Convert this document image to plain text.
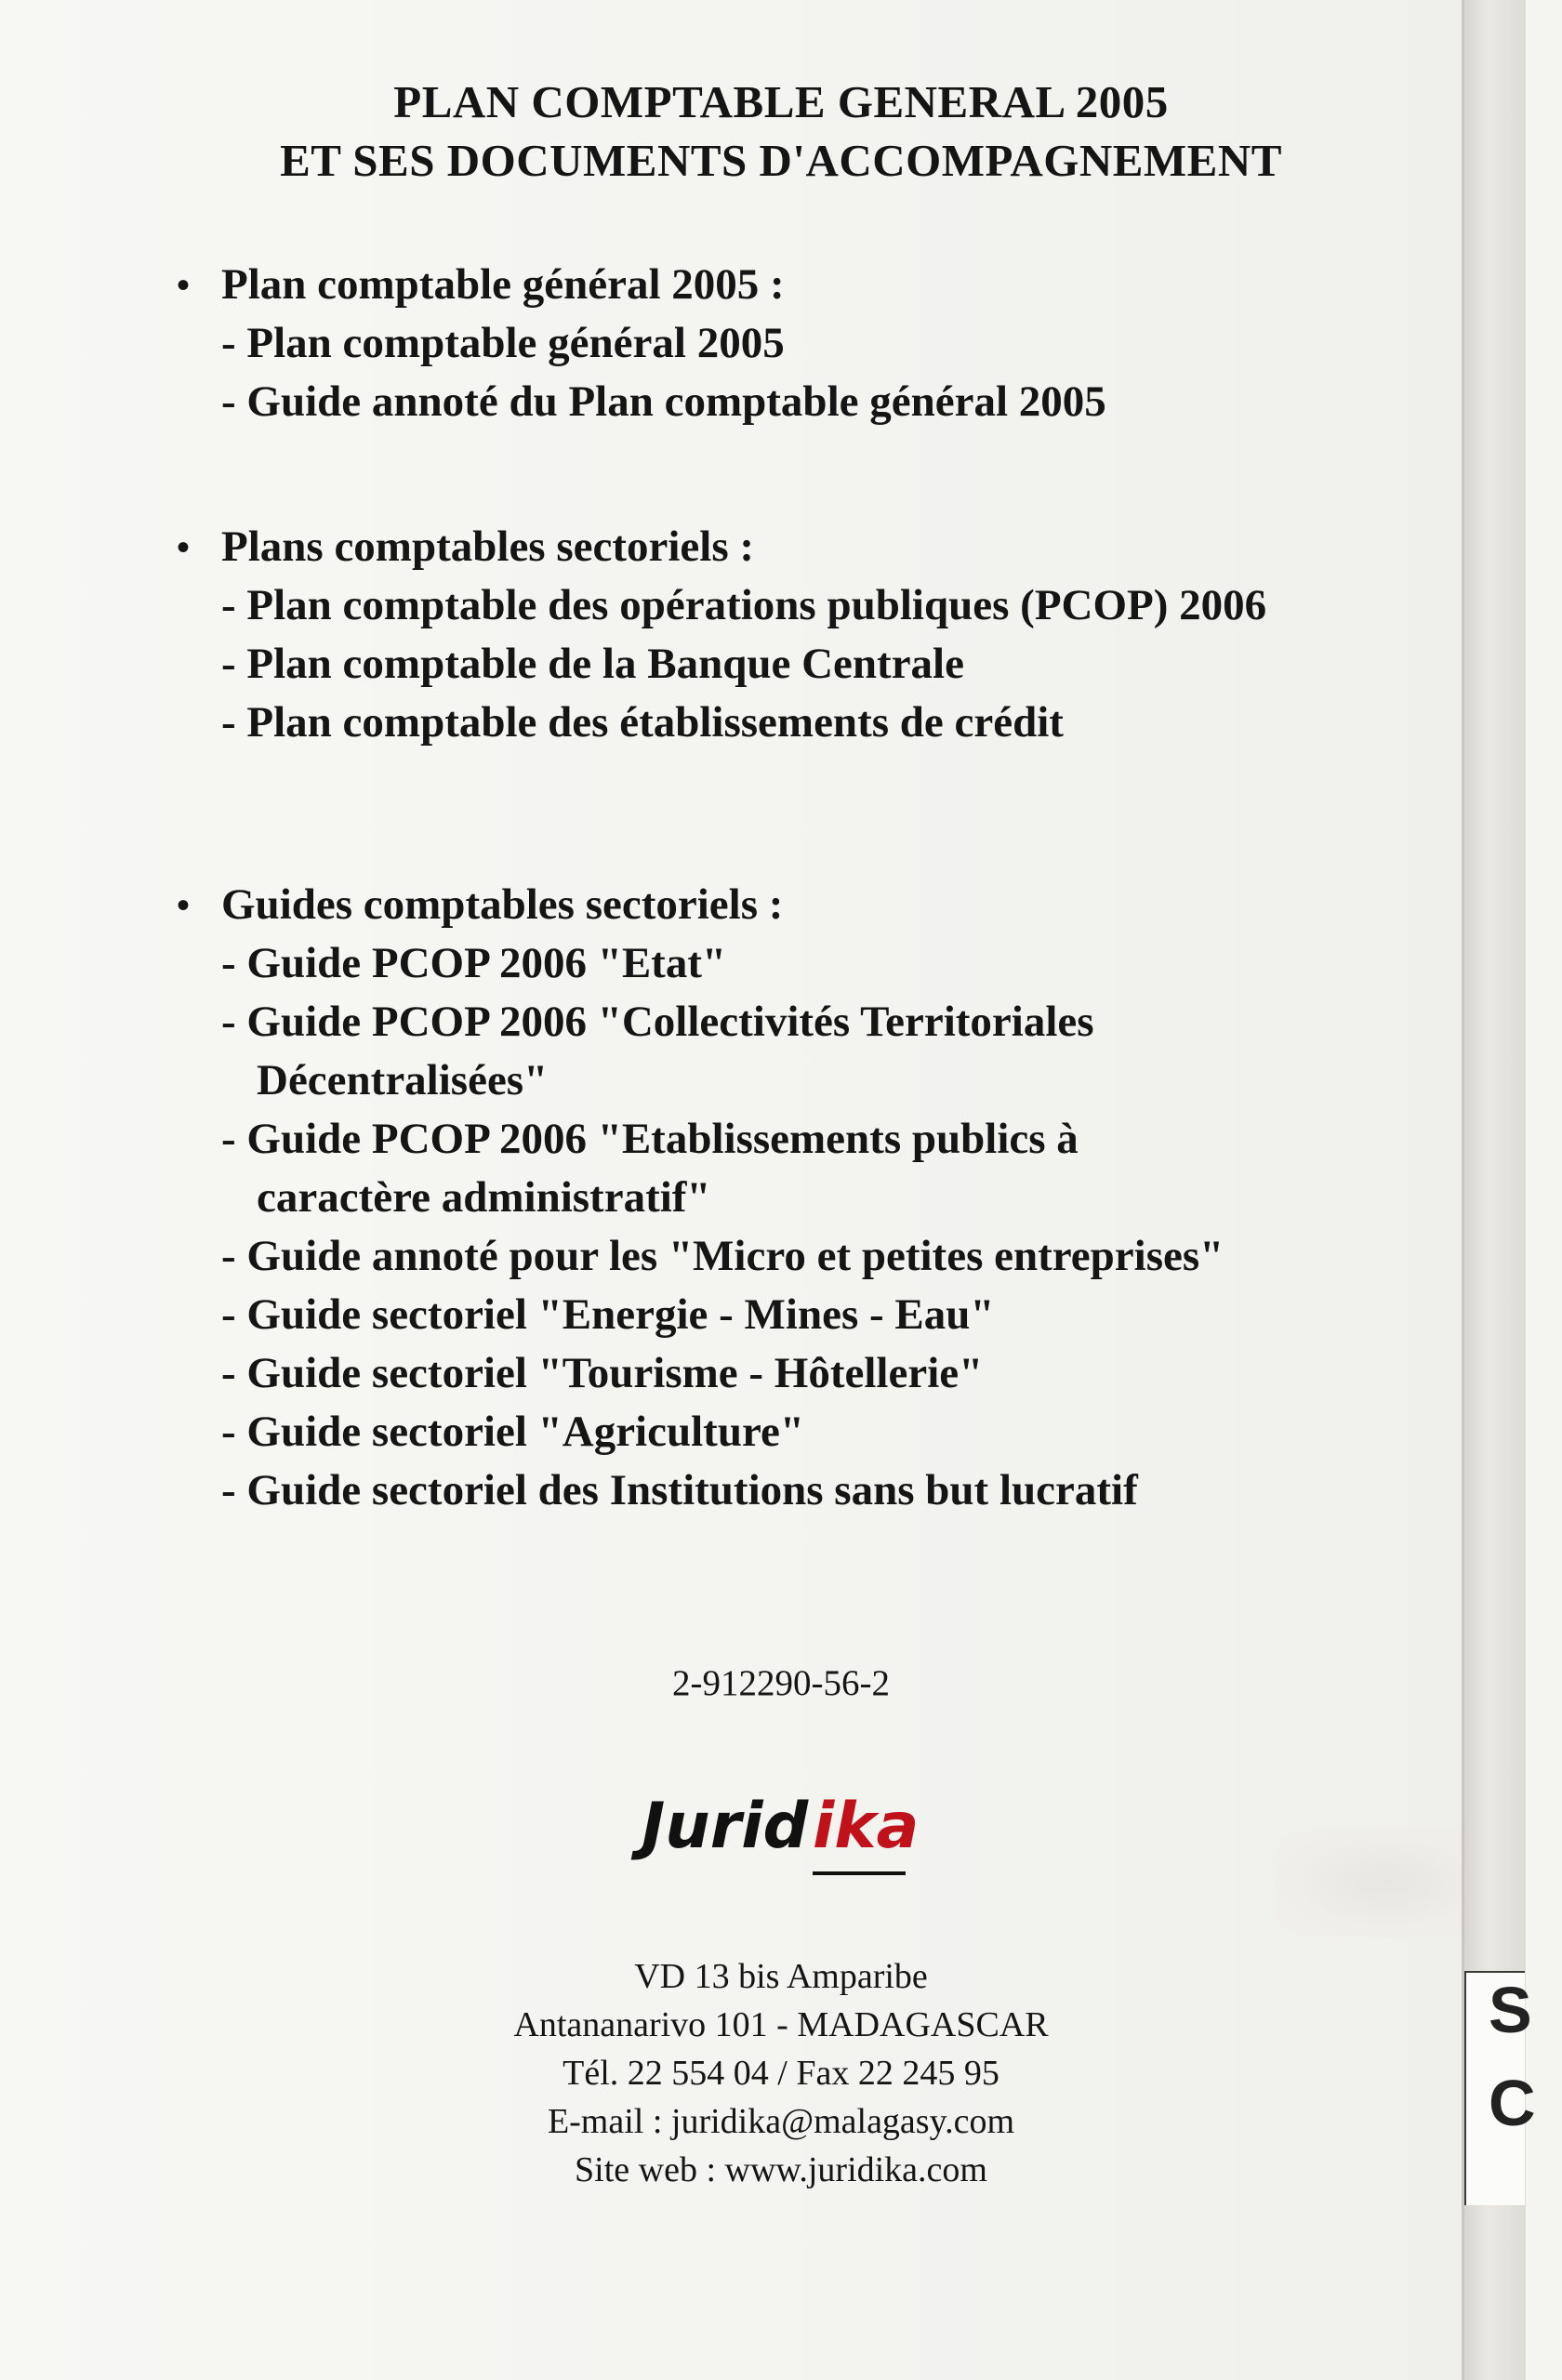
PLAN COMPTABLE GENERAL 2005
ET SES DOCUMENTS D'ACCOMPAGNEMENT
• Plan comptable général 2005 :
- Plan comptable général 2005
- Guide annoté du Plan comptable général 2005
• Plans comptables sectoriels :
- Plan comptable des opérations publiques (PCOP) 2006
- Plan comptable de la Banque Centrale
- Plan comptable des établissements de crédit
• Guides comptables sectoriels :
- Guide PCOP 2006 "Etat"
- Guide PCOP 2006 "Collectivités Territoriales
Décentralisées"
- Guide PCOP 2006 "Etablissements publics à
caractère administratif"
- Guide annoté pour les "Micro et petites entreprises"
- Guide sectoriel "Energie - Mines - Eau"
- Guide sectoriel "Tourisme - Hôtellerie"
- Guide sectoriel "Agriculture"
- Guide sectoriel des Institutions sans but lucratif
2-912290-56-2
Jurid ika
VD 13 bis Amparibe
Antananarivo 101 - MADAGASCAR
Tél. 22 554 04 / Fax 22 245 95
E-mail : juridika@malagasy.com
Site web : www.juridika.com
S
C
